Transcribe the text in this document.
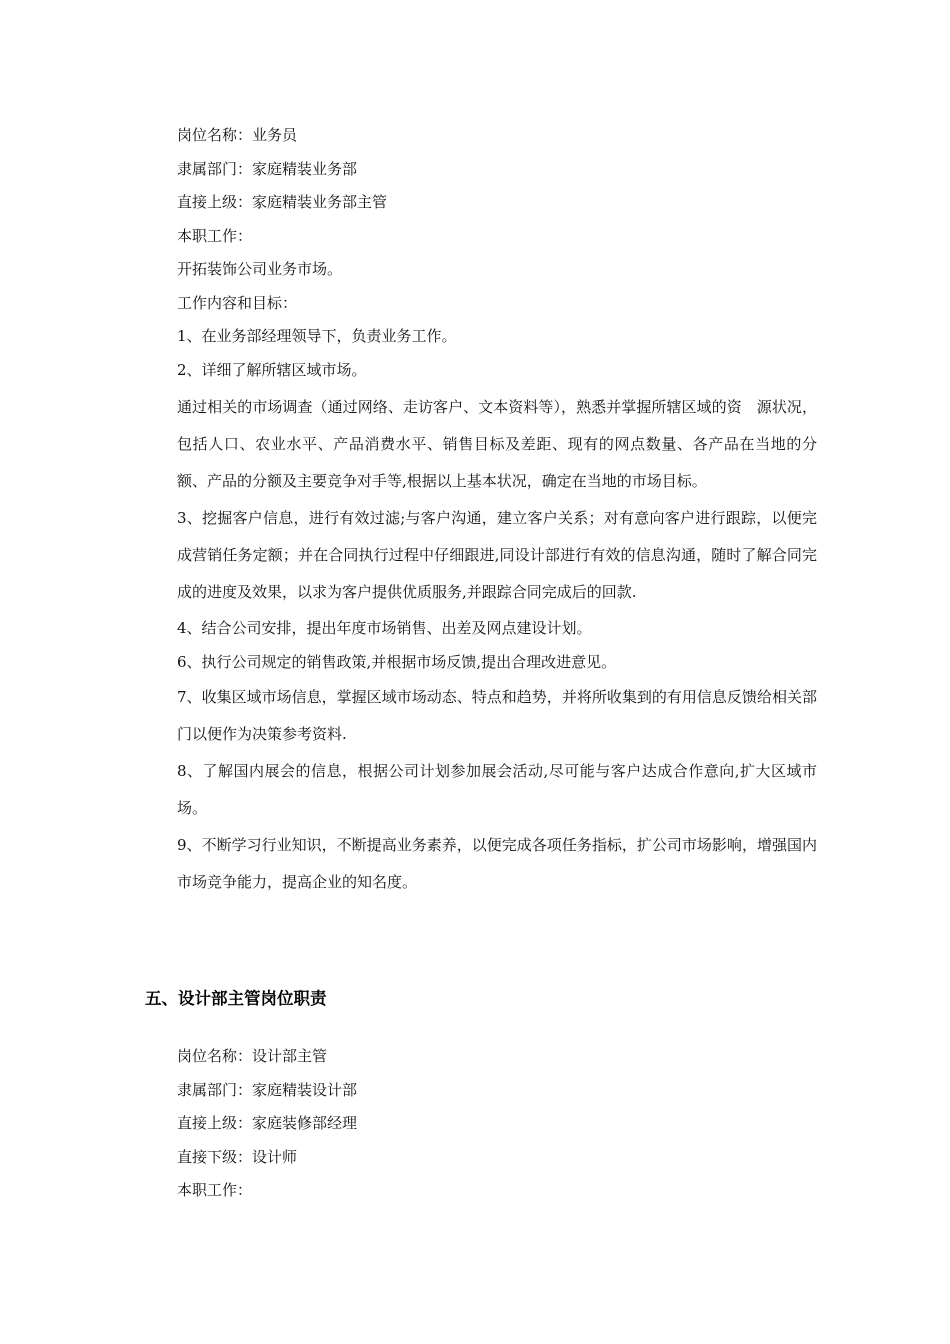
岗位名称：业务员
隶属部门：家庭精装业务部
直接上级：家庭精装业务部主管
本职工作：
开拓装饰公司业务市场。
工作内容和目标：
1、在业务部经理领导下，负责业务工作。
2、详细了解所辖区域市场。
通过相关的市场调查（通过网络、走访客户、文本资料等），熟悉并掌握所辖区域的资　源状况，包括人口、农业水平、产品消费水平、销售目标及差距、现有的网点数量、各产品在当地的分额、产品的分额及主要竞争对手等,根据以上基本状况，确定在当地的市场目标。
3、挖掘客户信息，进行有效过滤;与客户沟通，建立客户关系；对有意向客户进行跟踪，以便完成营销任务定额；并在合同执行过程中仔细跟进,同设计部进行有效的信息沟通，随时了解合同完成的进度及效果，以求为客户提供优质服务,并跟踪合同完成后的回款.
4、结合公司安排，提出年度市场销售、出差及网点建设计划。
6、执行公司规定的销售政策,并根据市场反馈,提出合理改进意见。
7、收集区域市场信息，掌握区域市场动态、特点和趋势，并将所收集到的有用信息反馈给相关部门以便作为决策参考资料.
8、了解国内展会的信息，根据公司计划参加展会活动,尽可能与客户达成合作意向,扩大区域市场。
9、不断学习行业知识，不断提高业务素养，以便完成各项任务指标，扩公司市场影响，增强国内市场竞争能力，提高企业的知名度。
五、设计部主管岗位职责
岗位名称：设计部主管
隶属部门：家庭精装设计部
直接上级：家庭装修部经理
直接下级：设计师
本职工作：
